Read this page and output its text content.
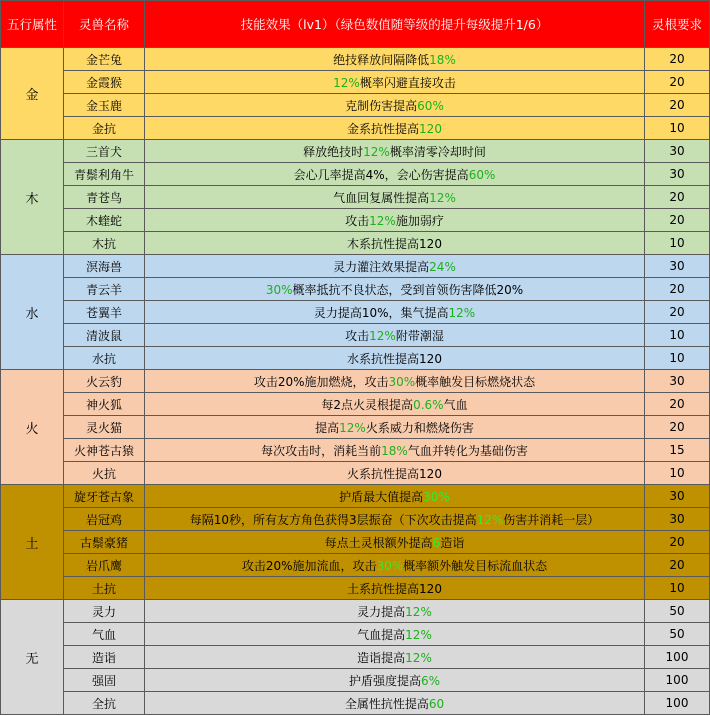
五行属性	灵兽名称	技能效果（lv1）（绿色数值随等级的提升每级提升1/6）	灵根要求
金	金芒兔	绝技释放间隔降低18%	20
	金霞猴	12%概率闪避直接攻击	20
	金玉鹿	克制伤害提高60%	20
	金抗	金系抗性提高120	10
木	三首犬	释放绝技时12%概率清零冷却时间	30
	青鬃利角牛	会心几率提高4%，会心伤害提高60%	30
	青苍鸟	气血回复属性提高12%	20
	木蝰蛇	攻击12%施加弱疗	20
	木抗	木系抗性提高120	10
水	溟海兽	灵力灌注效果提高24%	30
	青云羊	30%概率抵抗不良状态，受到首领伤害降低20%	20
	苍翼羊	灵力提高10%，集气提高12%	20
	清波鼠	攻击12%附带潮湿	10
	水抗	水系抗性提高120	10
火	火云豹	攻击20%施加燃烧，攻击30%概率触发目标燃烧状态	30
	神火狐	每2点火灵根提高0.6%气血	20
	灵火猫	提高12%火系威力和燃烧伤害	20
	火神苍古猿	每次攻击时，消耗当前18%气血并转化为基础伤害	15
	火抗	火系抗性提高120	10
土	旋牙苍古象	护盾最大值提高30%	30
	岩冠鸡	每隔10秒，所有友方角色获得3层振奋（下次攻击提高12%伤害并消耗一层）	30
	古鬃豪猪	每点土灵根额外提高6造诣	20
	岩爪鹰	攻击20%施加流血，攻击30%概率额外触发目标流血状态	20
	土抗	土系抗性提高120	10
无	灵力	灵力提高12%	50
	气血	气血提高12%	50
	造诣	造诣提高12%	100
	强固	护盾强度提高6%	100
	全抗	全属性抗性提高60	100
